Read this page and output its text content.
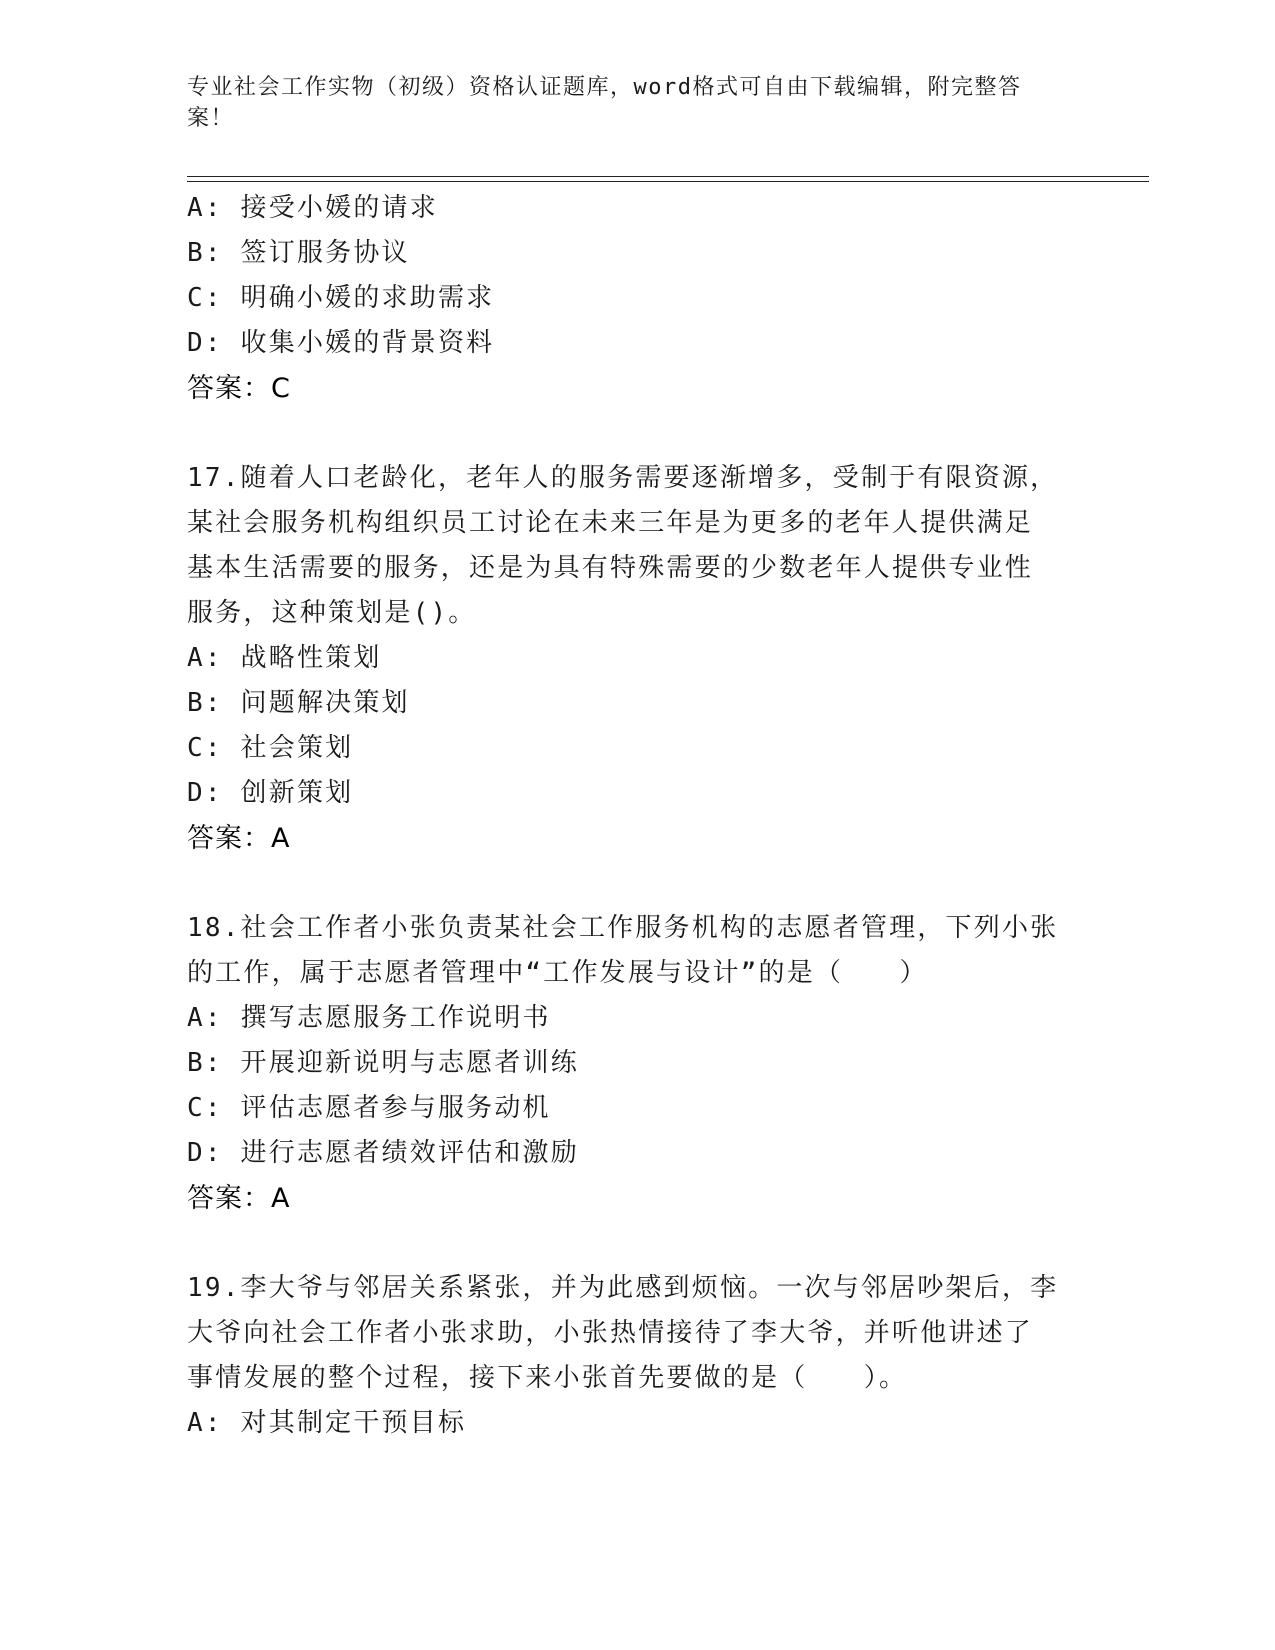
专业社会工作实物（初级）资格认证题库，word格式可自由下载编辑，附完整答案！
A: 接受小媛的请求
B: 签订服务协议
C: 明确小媛的求助需求
D: 收集小媛的背景资料
答案：C
17.随着人口老龄化，老年人的服务需要逐渐增多，受制于有限资源，
某社会服务机构组织员工讨论在未来三年是为更多的老年人提供满足
基本生活需要的服务，还是为具有特殊需要的少数老年人提供专业性
服务，这种策划是()。
A: 战略性策划
B: 问题解决策划
C: 社会策划
D: 创新策划
答案：A
18.社会工作者小张负责某社会工作服务机构的志愿者管理，下列小张
的工作，属于志愿者管理中“工作发展与设计”的是（　　）
A: 撰写志愿服务工作说明书
B: 开展迎新说明与志愿者训练
C: 评估志愿者参与服务动机
D: 进行志愿者绩效评估和激励
答案：A
19.李大爷与邻居关系紧张，并为此感到烦恼。一次与邻居吵架后，李
大爷向社会工作者小张求助，小张热情接待了李大爷，并听他讲述了
事情发展的整个过程，接下来小张首先要做的是（　　）。
A: 对其制定干预目标
